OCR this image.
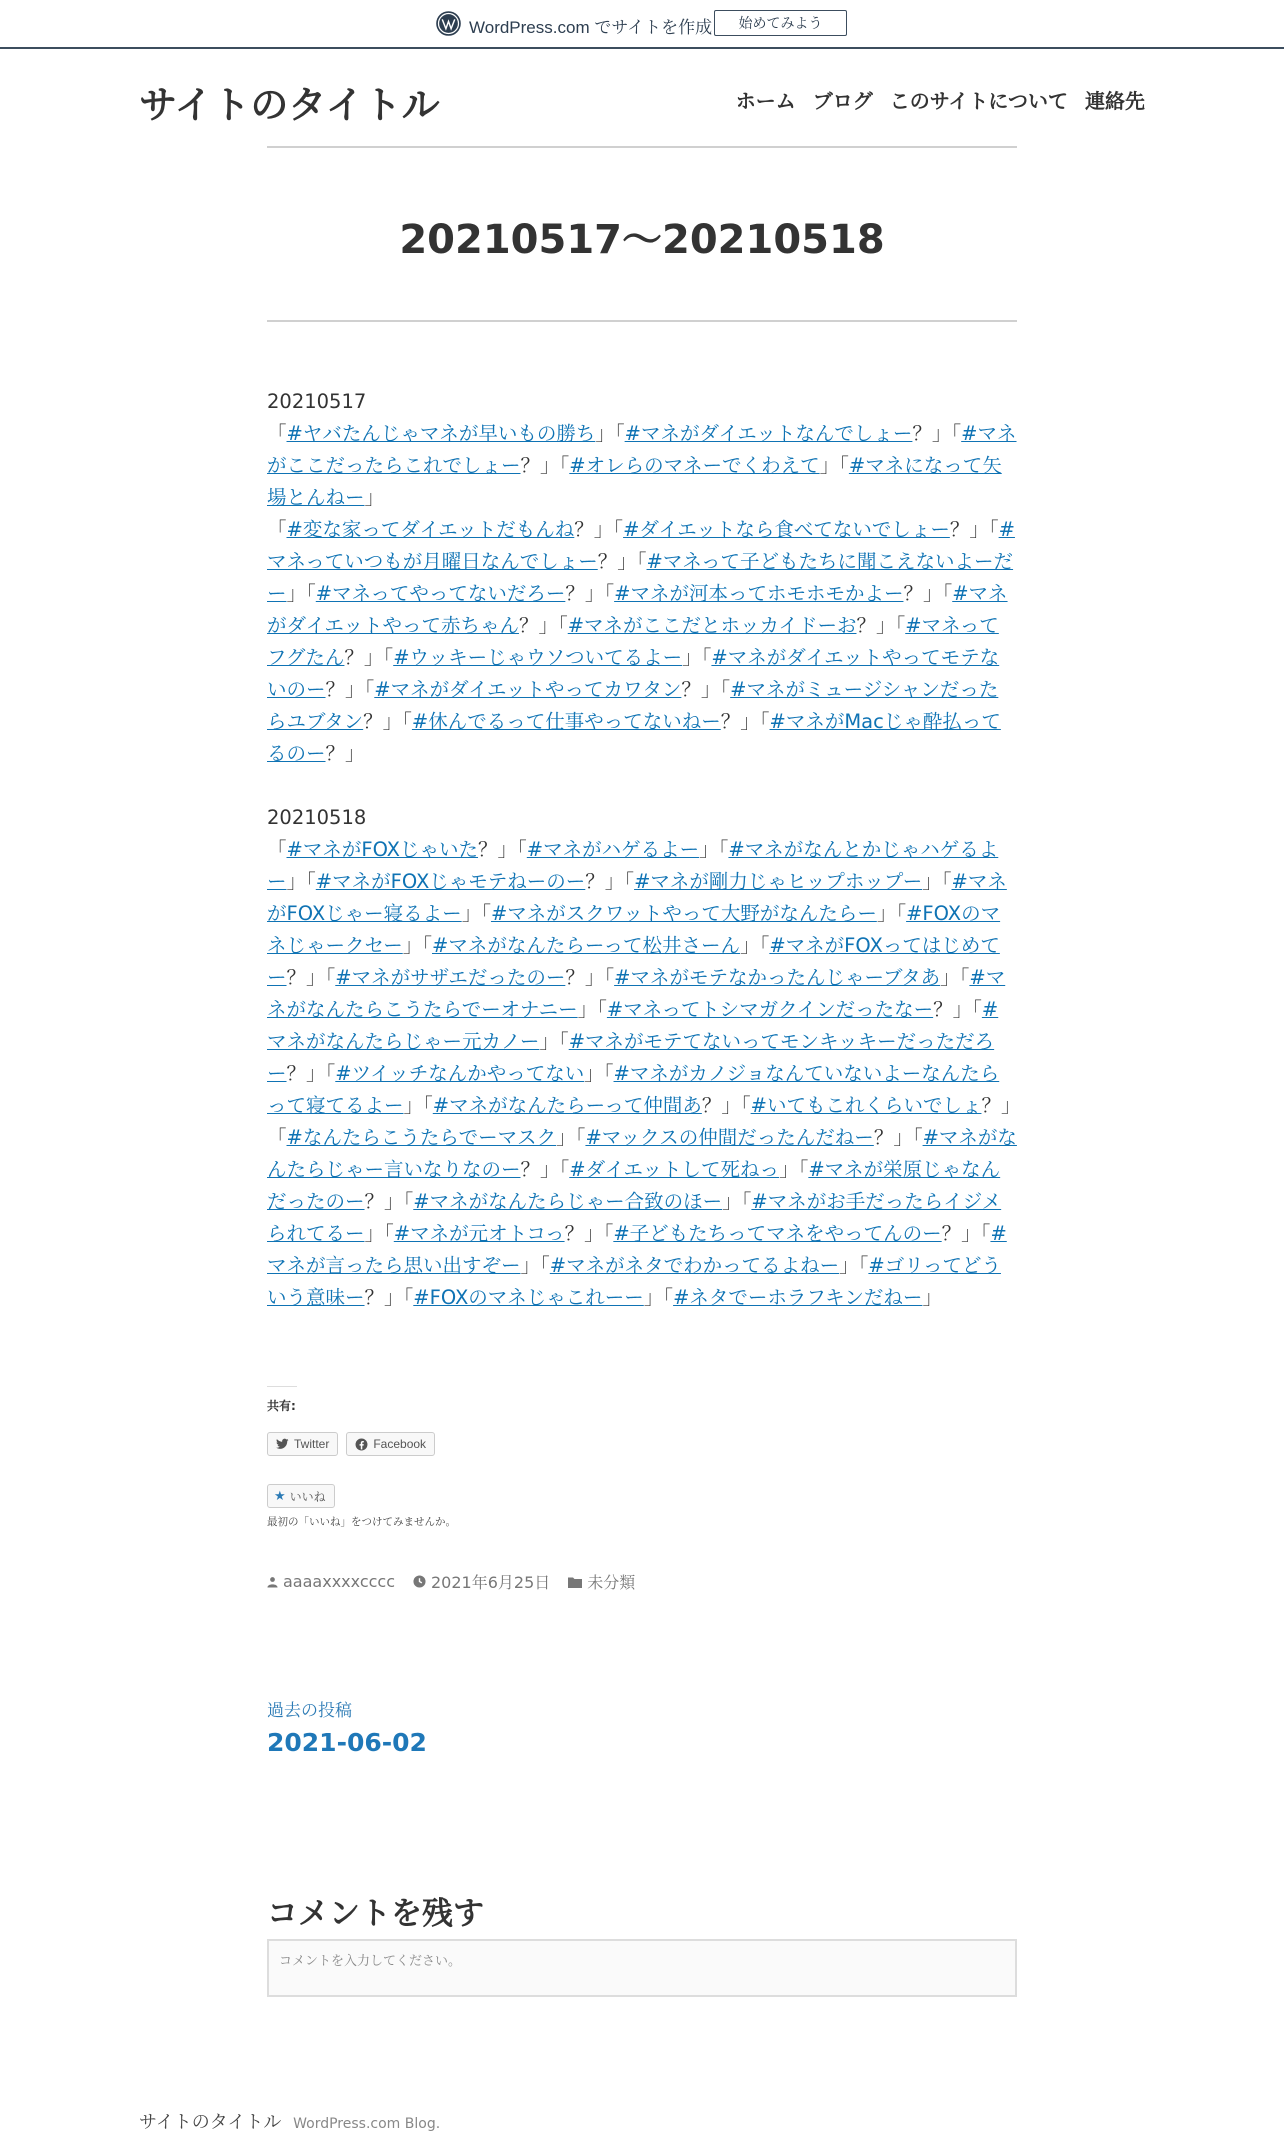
WordPress.com でサイトを作成	始めてみよう
サイトのタイトル	ホーム ブログ このサイトについて 連絡先
20210517～20210518

20210517

「#ヤバたんじゃマネが早いもの勝ち」「#マネがダイエットなんでしょー？」「#マネがここだったらこれでしょー？」「#オレらのマネーでくわえて」「#マネになって矢場とんねー」
「#変な家ってダイエットだもんね？」「#ダイエットなら食べてないでしょー？」「#マネっていつもが月曜日なんでしょー？」「#マネって子どもたちに聞こえないよーだー」「#マネってやってないだろー？」「#マネが河本ってホモホモかよー？」「#マネがダイエットやって赤ちゃん？」「#マネがここだとホッカイドーお？」「#マネってフグたん？」「#ウッキーじゃウソついてるよー」「#マネがダイエットやってモテないのー？」「#マネがダイエットやってカワタン？」「#マネがミュージシャンだったらユブタン？」「#休んでるって仕事やってないねー？」「#マネがMacじゃ酔払ってるのー？」

20210518

「#マネがFOXじゃいた？」「#マネがハゲるよー」「#マネがなんとかじゃハゲるよー」「#マネがFOXじゃモテねーのー？」「#マネが剛力じゃヒップホップー」「#マネがFOXじゃー寝るよー」「#マネがスクワットやって大野がなんたらー」「#FOXのマネじゃークセー」「#マネがなんたらーって松井さーん」「#マネがFOXってはじめてー？」「#マネがサザエだったのー？」「#マネがモテなかったんじゃーブタあ」「#マネがなんたらこうたらでーオナニー」「#マネってトシマガクインだったなー？」「#マネがなんたらじゃー元カノー」「#マネがモテてないってモンキッキーだっただろー？」「#ツイッチなんかやってない」「#マネがカノジョなんていないよーなんたらって寝てるよー」「#マネがなんたらーって仲間あ？」「#いてもこれくらいでしょ？」「#なんたらこうたらでーマスク」「#マックスの仲間だったんだねー？」「#マネがなんたらじゃー言いなりなのー？」「#ダイエットして死ねっ」「#マネが栄原じゃなんだったのー？」「#マネがなんたらじゃー合致のほー」「#マネがお手だったらイジメられてるー」「#マネが元オトコっ？」「#子どもたちってマネをやってんのー？」「#マネが言ったら思い出すぞー」「#マネがネタでわかってるよねー」「#ゴリってどういう意味ー？」「#FOXのマネじゃこれーー」「#ネタでーホラフキンだねー」

共有:
Twitter	Facebook
★ いいね
最初の「いいね」をつけてみませんか。
aaaaxxxxcccc 2021年6月25日 未分類
過去の投稿
2021-06-02
コメントを残す
コメントを入力してください。
サイトのタイトル WordPress.com Blog.
